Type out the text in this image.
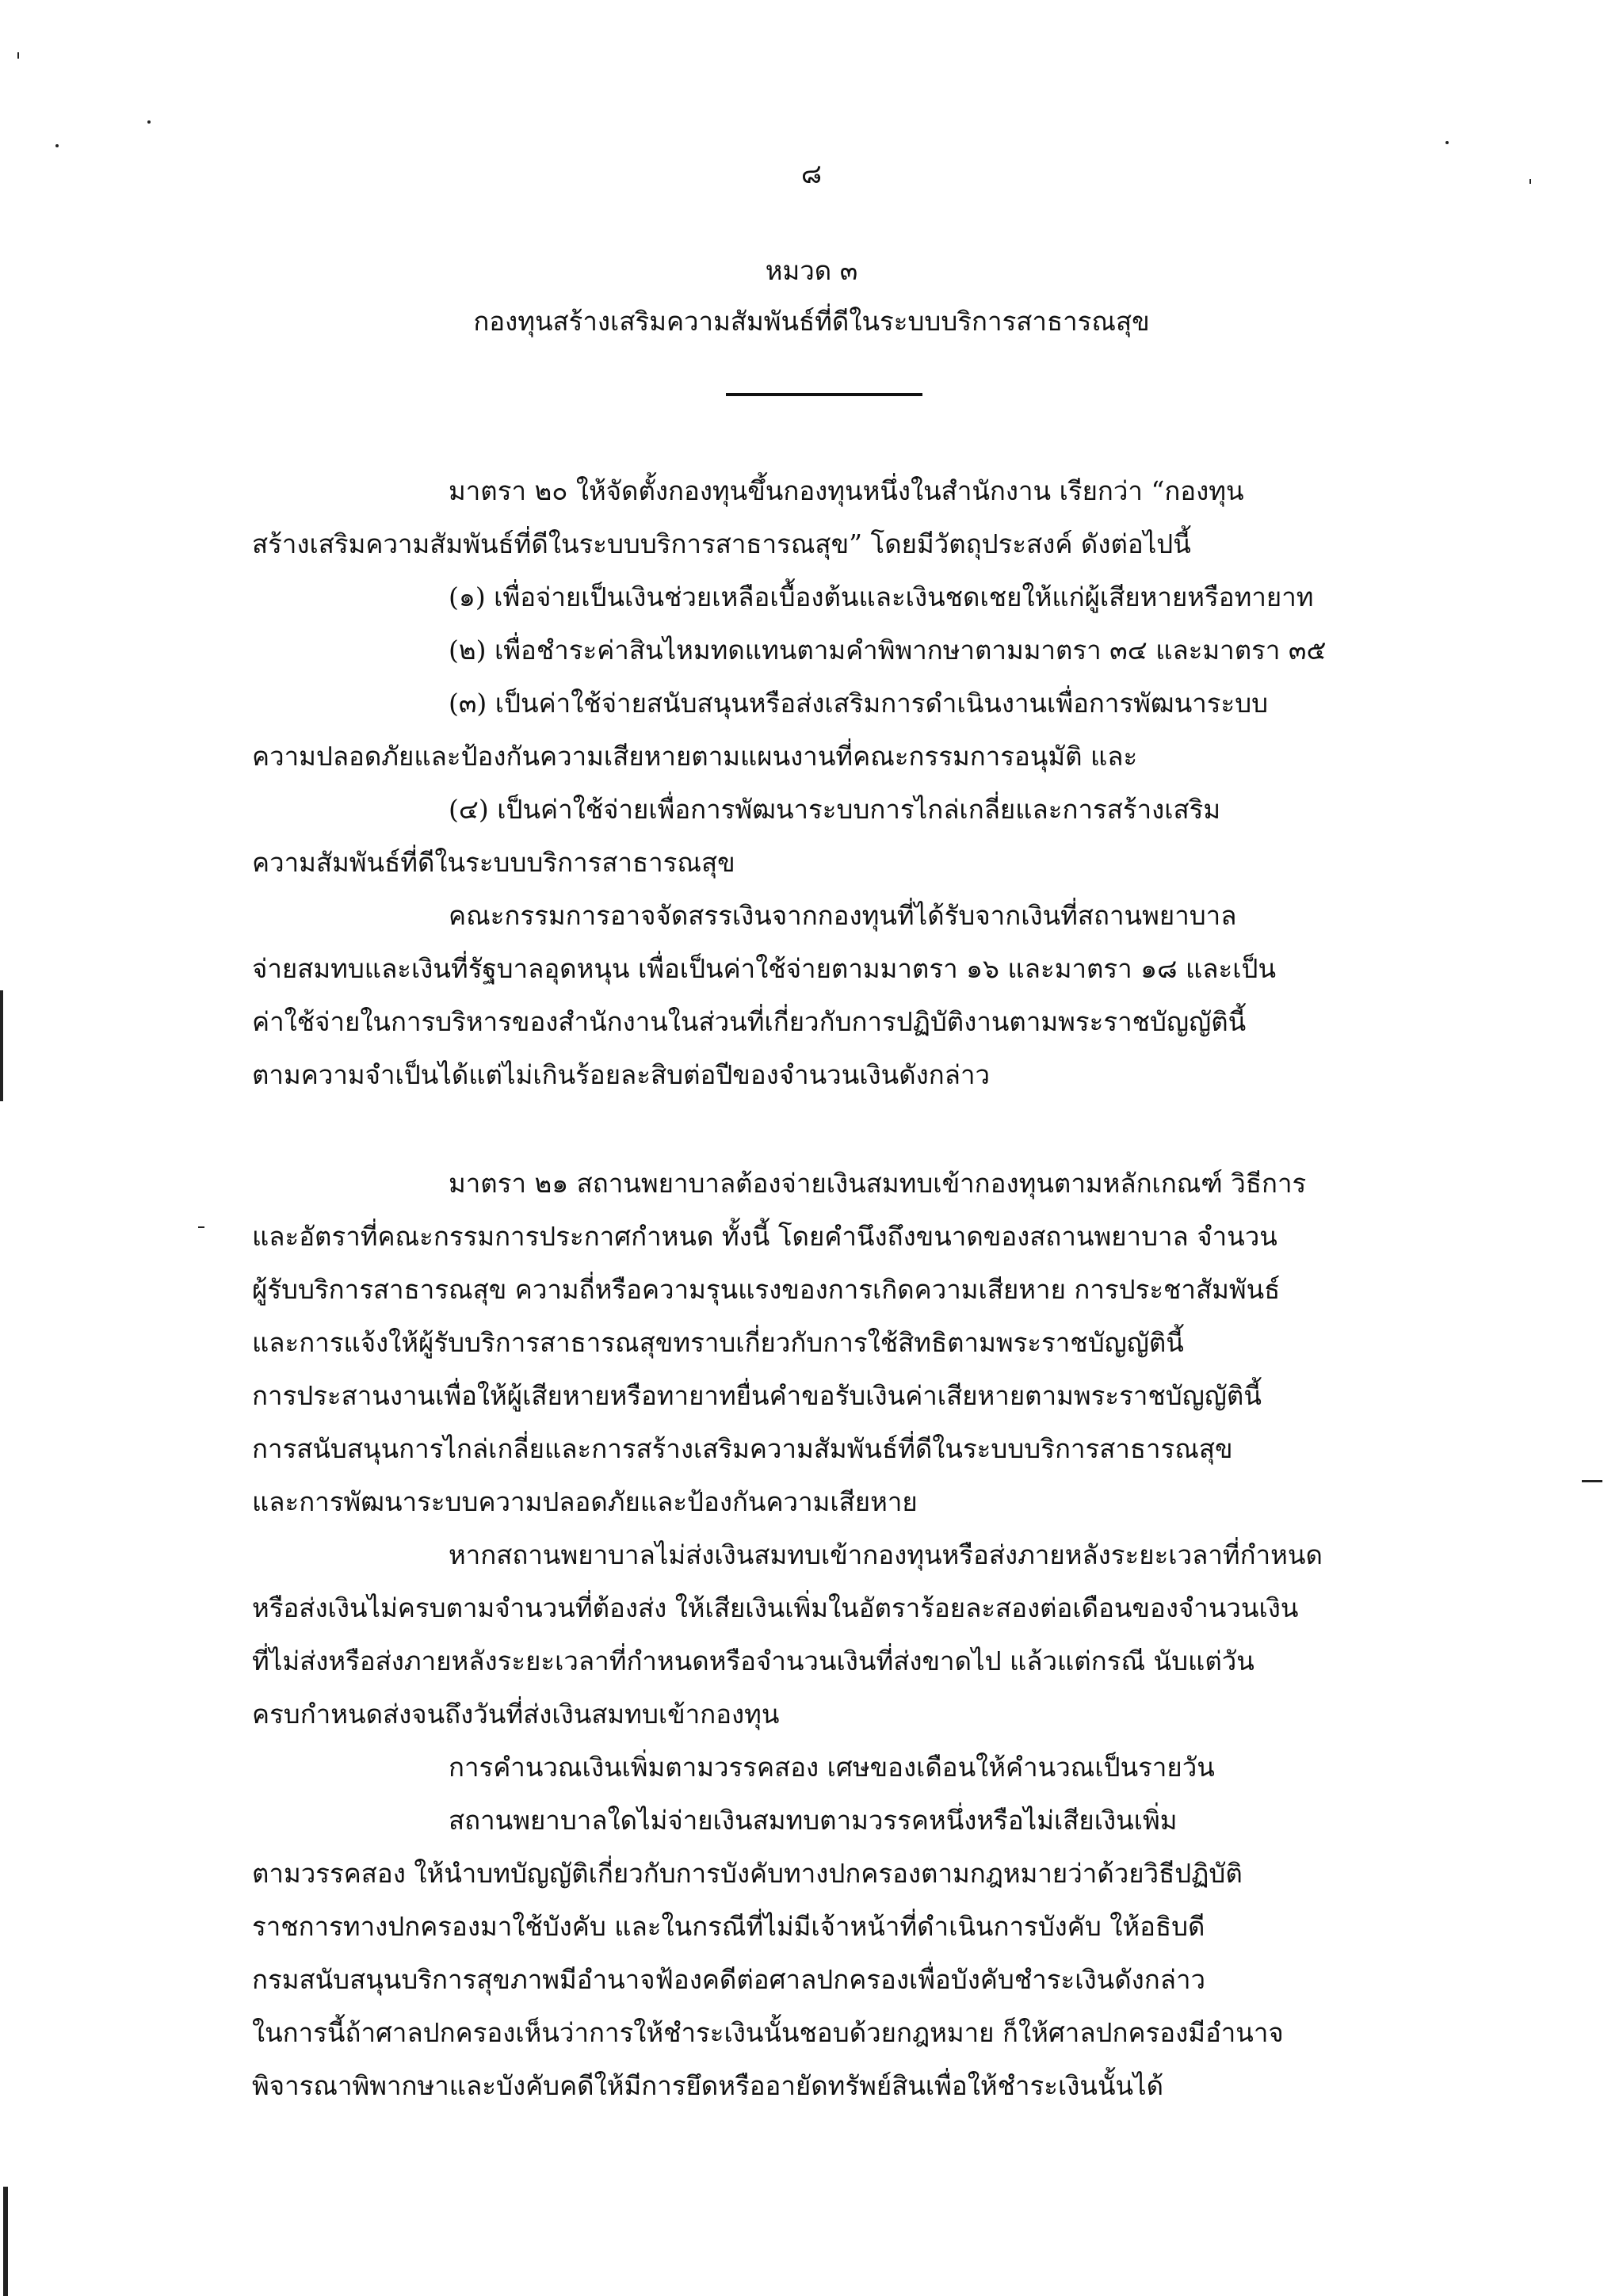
๘
หมวด ๓
กองทุนสร้างเสริมความสัมพันธ์ที่ดีในระบบบริการสาธารณสุข
มาตรา ๒๐ ให้จัดตั้งกองทุนขึ้นกองทุนหนึ่งในสำนักงาน เรียกว่า “กองทุน
สร้างเสริมความสัมพันธ์ที่ดีในระบบบริการสาธารณสุข” โดยมีวัตถุประสงค์ ดังต่อไปนี้
(๑) เพื่อจ่ายเป็นเงินช่วยเหลือเบื้องต้นและเงินชดเชยให้แก่ผู้เสียหายหรือทายาท
(๒) เพื่อชำระค่าสินไหมทดแทนตามคำพิพากษาตามมาตรา ๓๔ และมาตรา ๓๕
(๓) เป็นค่าใช้จ่ายสนับสนุนหรือส่งเสริมการดำเนินงานเพื่อการพัฒนาระบบ
ความปลอดภัยและป้องกันความเสียหายตามแผนงานที่คณะกรรมการอนุมัติ และ
(๔) เป็นค่าใช้จ่ายเพื่อการพัฒนาระบบการไกล่เกลี่ยและการสร้างเสริม
ความสัมพันธ์ที่ดีในระบบบริการสาธารณสุข
คณะกรรมการอาจจัดสรรเงินจากกองทุนที่ได้รับจากเงินที่สถานพยาบาล
จ่ายสมทบและเงินที่รัฐบาลอุดหนุน เพื่อเป็นค่าใช้จ่ายตามมาตรา ๑๖ และมาตรา ๑๘ และเป็น
ค่าใช้จ่ายในการบริหารของสำนักงานในส่วนที่เกี่ยวกับการปฏิบัติงานตามพระราชบัญญัตินี้
ตามความจำเป็นได้แต่ไม่เกินร้อยละสิบต่อปีของจำนวนเงินดังกล่าว
มาตรา ๒๑ สถานพยาบาลต้องจ่ายเงินสมทบเข้ากองทุนตามหลักเกณฑ์ วิธีการ
และอัตราที่คณะกรรมการประกาศกำหนด ทั้งนี้ โดยคำนึงถึงขนาดของสถานพยาบาล จำนวน
ผู้รับบริการสาธารณสุข ความถี่หรือความรุนแรงของการเกิดความเสียหาย การประชาสัมพันธ์
และการแจ้งให้ผู้รับบริการสาธารณสุขทราบเกี่ยวกับการใช้สิทธิตามพระราชบัญญัตินี้
การประสานงานเพื่อให้ผู้เสียหายหรือทายาทยื่นคำขอรับเงินค่าเสียหายตามพระราชบัญญัตินี้
การสนับสนุนการไกล่เกลี่ยและการสร้างเสริมความสัมพันธ์ที่ดีในระบบบริการสาธารณสุข
และการพัฒนาระบบความปลอดภัยและป้องกันความเสียหาย
หากสถานพยาบาลไม่ส่งเงินสมทบเข้ากองทุนหรือส่งภายหลังระยะเวลาที่กำหนด
หรือส่งเงินไม่ครบตามจำนวนที่ต้องส่ง ให้เสียเงินเพิ่มในอัตราร้อยละสองต่อเดือนของจำนวนเงิน
ที่ไม่ส่งหรือส่งภายหลังระยะเวลาที่กำหนดหรือจำนวนเงินที่ส่งขาดไป แล้วแต่กรณี นับแต่วัน
ครบกำหนดส่งจนถึงวันที่ส่งเงินสมทบเข้ากองทุน
การคำนวณเงินเพิ่มตามวรรคสอง เศษของเดือนให้คำนวณเป็นรายวัน
สถานพยาบาลใดไม่จ่ายเงินสมทบตามวรรคหนึ่งหรือไม่เสียเงินเพิ่ม
ตามวรรคสอง ให้นำบทบัญญัติเกี่ยวกับการบังคับทางปกครองตามกฎหมายว่าด้วยวิธีปฏิบัติ
ราชการทางปกครองมาใช้บังคับ และในกรณีที่ไม่มีเจ้าหน้าที่ดำเนินการบังคับ ให้อธิบดี
กรมสนับสนุนบริการสุขภาพมีอำนาจฟ้องคดีต่อศาลปกครองเพื่อบังคับชำระเงินดังกล่าว
ในการนี้ถ้าศาลปกครองเห็นว่าการให้ชำระเงินนั้นชอบด้วยกฎหมาย ก็ให้ศาลปกครองมีอำนาจ
พิจารณาพิพากษาและบังคับคดีให้มีการยึดหรืออายัดทรัพย์สินเพื่อให้ชำระเงินนั้นได้
